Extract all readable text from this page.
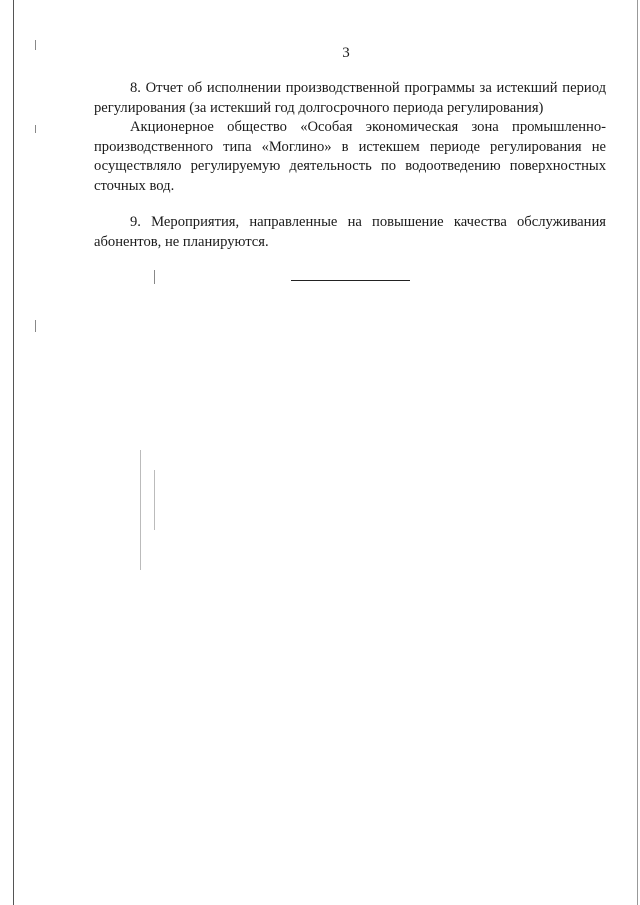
3

8. Отчет об исполнении производственной программы за истекший период регулирования (за истекший год долгосрочного периода регулирования)

Акционерное общество «Особая экономическая зона промышленно-производственного типа «Моглино» в истекшем периоде регулирования не осуществляло регулируемую деятельность по водоотведению поверхностных сточных вод.

9. Мероприятия, направленные на повышение качества обслуживания абонентов, не планируются.
